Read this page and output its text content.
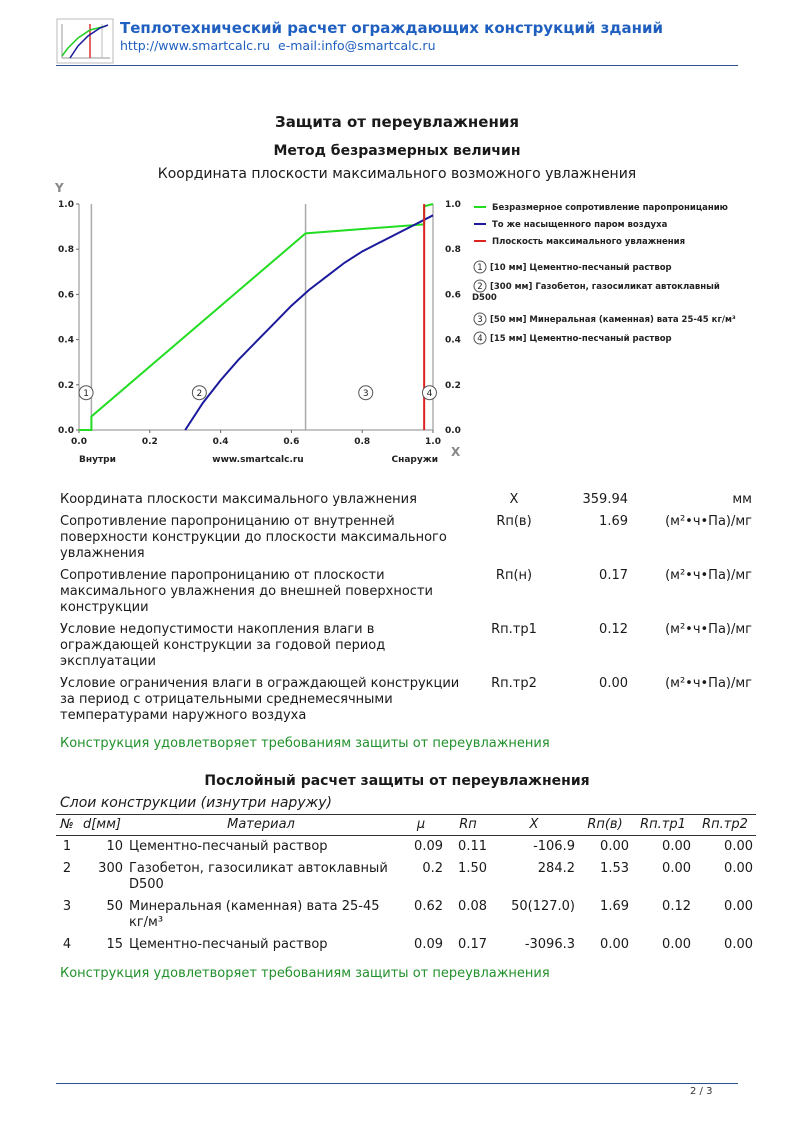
Теплотехнический расчет ограждающих конструкций зданий
http://www.smartcalc.ru e-mail:info@smartcalc.ru
Защита от переувлажнения
Метод безразмерных величин
Координата плоскости максимального возможного увлажнения
0.0	0.0
0.2	0.2
0.4	0.4
0.6	0.6
0.8	0.8
1.0	1.0
0.0	0.2	0.4	0.6	0.8	1.0
Y
X
Внутри	www.smartcalc.ru	Снаружи
1	2	3	4
Безразмерное сопротивление паропроницанию
То же насыщенного паром воздуха
Плоскость максимального увлажнения
1 [10 мм] Цементно-песчаный раствор
2 [300 мм] Газобетон, газосиликат автоклавный D500
3 [50 мм] Минеральная (каменная) вата 25-45 кг/м³
4 [15 мм] Цементно-песчаный раствор
Координата плоскости максимального увлажнения	X	359.94	мм
Сопротивление паропроницанию от внутренней поверхности конструкции до плоскости максимального увлажнения	Rп(в)	1.69	(м²•ч•Па)/мг
Сопротивление паропроницанию от плоскости максимального увлажнения до внешней поверхности конструкции	Rп(н)	0.17	(м²•ч•Па)/мг
Условие недопустимости накопления влаги в ограждающей конструкции за годовой период эксплуатации	Rп.тр1	0.12	(м²•ч•Па)/мг
Условие ограничения влаги в ограждающей конструкции за период с отрицательными среднемесячными температурами наружного воздуха	Rп.тр2	0.00	(м²•ч•Па)/мг
Конструкция удовлетворяет требованиям защиты от переувлажнения
Послойный расчет защиты от переувлажнения
Слои конструкции (изнутри наружу)
№	d[мм]	Материал	μ	Rп	X	Rп(в)	Rп.тр1	Rп.тр2
1	10	Цементно-песчаный раствор	0.09	0.11	-106.9	0.00	0.00	0.00
2	300	Газобетон, газосиликат автоклавный D500	0.2	1.50	284.2	1.53	0.00	0.00
3	50	Минеральная (каменная) вата 25-45 кг/м³	0.62	0.08	50(127.0)	1.69	0.12	0.00
4	15	Цементно-песчаный раствор	0.09	0.17	-3096.3	0.00	0.00	0.00
Конструкция удовлетворяет требованиям защиты от переувлажнения
2 / 3
